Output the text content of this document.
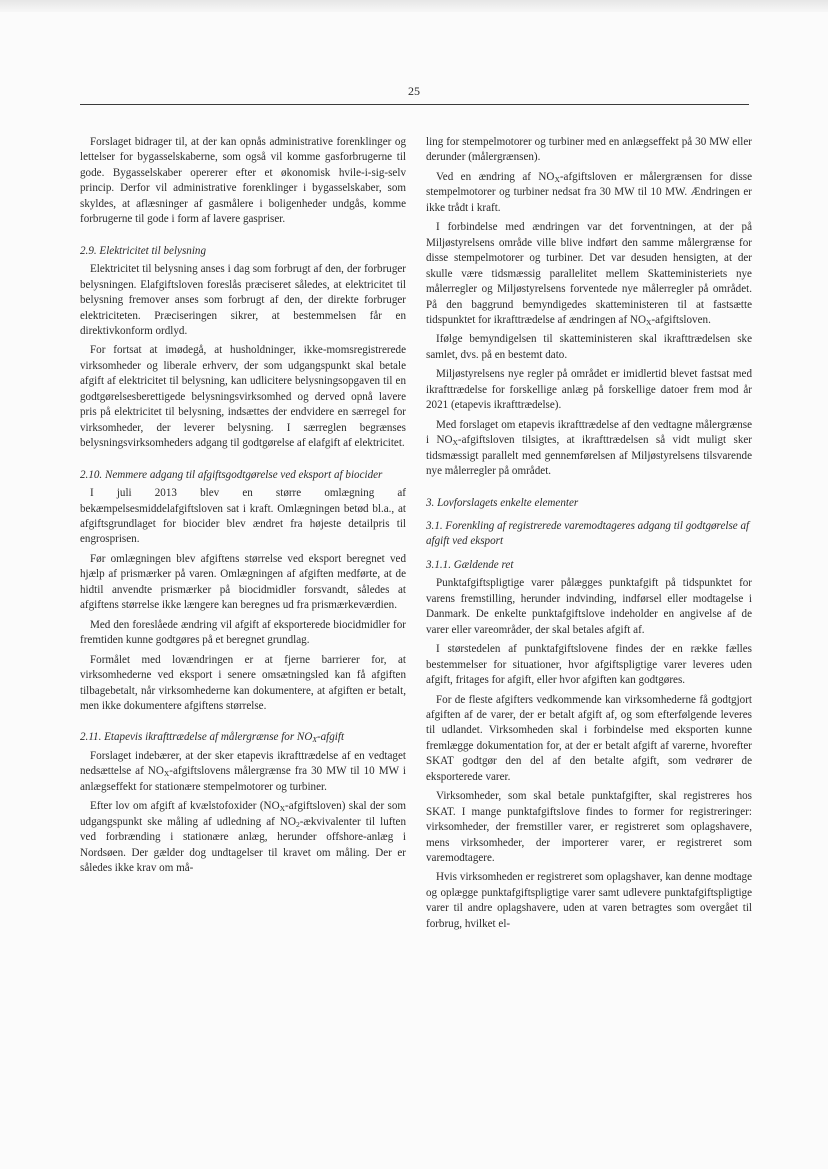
25

Forslaget bidrager til, at der kan opnås administrative forenklinger og lettelser for bygasselskaberne, som også vil komme gasforbrugerne til gode. Bygasselskaber opererer efter et økonomisk hvile-i-sig-selv princip. Derfor vil administrative forenklinger i bygasselskaber, som skyldes, at aflæsninger af gasmålere i boligenheder undgås, komme forbrugerne til gode i form af lavere gaspriser.

2.9. Elektricitet til belysning

Elektricitet til belysning anses i dag som forbrugt af den, der forbruger belysningen. Elafgiftsloven foreslås præciseret således, at elektricitet til belysning fremover anses som forbrugt af den, der direkte forbruger elektriciteten. Præciseringen sikrer, at bestemmelsen får en direktivkonform ordlyd.

For fortsat at imødegå, at husholdninger, ikke-momsregistrerede virksomheder og liberale erhverv, der som udgangspunkt skal betale afgift af elektricitet til belysning, kan udlicitere belysningsopgaven til en godtgørelsesberettigede belysningsvirksomhed og derved opnå lavere pris på elektricitet til belysning, indsættes der endvidere en særregel for virksomheder, der leverer belysning. I særreglen begrænses belysningsvirksomheders adgang til godtgørelse af elafgift af elektricitet.

2.10. Nemmere adgang til afgiftsgodtgørelse ved eksport af biocider

I juli 2013 blev en større omlægning af bekæmpelsesmiddelafgiftsloven sat i kraft. Omlægningen betød bl.a., at afgiftsgrundlaget for biocider blev ændret fra højeste detailpris til engrosprisen.

Før omlægningen blev afgiftens størrelse ved eksport beregnet ved hjælp af prismærker på varen. Omlægningen af afgiften medførte, at de hidtil anvendte prismærker på biocidmidler forsvandt, således at afgiftens størrelse ikke længere kan beregnes ud fra prismærkeværdien.

Med den foreslåede ændring vil afgift af eksporterede biocidmidler for fremtiden kunne godtgøres på et beregnet grundlag.

Formålet med lovændringen er at fjerne barrierer for, at virksomhederne ved eksport i senere omsætningsled kan få afgiften tilbagebetalt, når virksomhederne kan dokumentere, at afgiften er betalt, men ikke dokumentere afgiftens størrelse.

2.11. Etapevis ikrafttrædelse af målergrænse for $NO_X$-afgift

Forslaget indebærer, at der sker etapevis ikrafttrædelse af en vedtaget nedsættelse af $NO_X$-afgiftslovens målergrænse fra 30 MW til 10 MW i anlægseffekt for stationære stempelmotorer og turbiner.

Efter lov om afgift af kvælstofoxider $(NO_X-afgiftsloven)$ skal der som udgangspunkt ske måling af udledning af $NO_2$-ækvivalenter til luften ved forbrænding i stationære anlæg, herunder offshore-anlæg i Nordsøen. Der gælder dog undtagelser til kravet om måling. Der er således ikke krav om må-

ling for stempelmotorer og turbiner med en anlægseffekt på 30 MW eller derunder (målergrænsen).

Ved en ændring af $NO_X$-afgiftsloven er målergrænsen for disse stempelmotorer og turbiner nedsat fra 30 MW til 10 MW. Ændringen er ikke trådt i kraft.

I forbindelse med ændringen var det forventningen, at der på Miljøstyrelsens område ville blive indført den samme målergrænse for disse stempelmotorer og turbiner. Det var desuden hensigten, at der skulle være tidsmæssig parallelitet mellem Skatteministeriets nye målerregler og Miljøstyrelsens forventede nye målerregler på området. På den baggrund bemyndigedes skatteministeren til at fastsætte tidspunktet for ikrafttrædelse af ændringen af $NO_X$-afgiftsloven.

Ifølge bemyndigelsen til skatteministeren skal ikrafttrædelsen ske samlet, dvs. på en bestemt dato.

Miljøstyrelsens nye regler på området er imidlertid blevet fastsat med ikrafttrædelse for forskellige anlæg på forskellige datoer frem mod år 2021 (etapevis ikrafttrædelse).

Med forslaget om etapevis ikrafttrædelse af den vedtagne målergrænse i $NO_X$-afgiftsloven tilsigtes, at ikrafttrædelsen så vidt muligt sker tidsmæssigt parallelt med gennemførelsen af Miljøstyrelsens tilsvarende nye målerregler på området.

3. Lovforslagets enkelte elementer
3.1. Forenkling af registrerede varemodtageres adgang til godtgørelse af afgift ved eksport
3.1.1. Gældende ret

Punktafgiftspligtige varer pålægges punktafgift på tidspunktet for varens fremstilling, herunder indvinding, indførsel eller modtagelse i Danmark. De enkelte punktafgiftslove indeholder en angivelse af de varer eller vareområder, der skal betales afgift af.

I størstedelen af punktafgiftslovene findes der en række fælles bestemmelser for situationer, hvor afgiftspligtige varer leveres uden afgift, fritages for afgift, eller hvor afgiften kan godtgøres.

For de fleste afgifters vedkommende kan virksomhederne få godtgjort afgiften af de varer, der er betalt afgift af, og som efterfølgende leveres til udlandet. Virksomheden skal i forbindelse med eksporten kunne fremlægge dokumentation for, at der er betalt afgift af varerne, hvorefter SKAT godtgør den del af den betalte afgift, som vedrører de eksporterede varer.

Virksomheder, som skal betale punktafgifter, skal registreres hos SKAT. I mange punktafgiftslove findes to former for registreringer: virksomheder, der fremstiller varer, er registreret som oplagshavere, mens virksomheder, der importerer varer, er registreret som varemodtagere.

Hvis virksomheden er registreret som oplagshaver, kan denne modtage og oplægge punktafgiftspligtige varer samt udlevere punktafgiftspligtige varer til andre oplagshavere, uden at varen betragtes som overgået til forbrug, hvilket el-
